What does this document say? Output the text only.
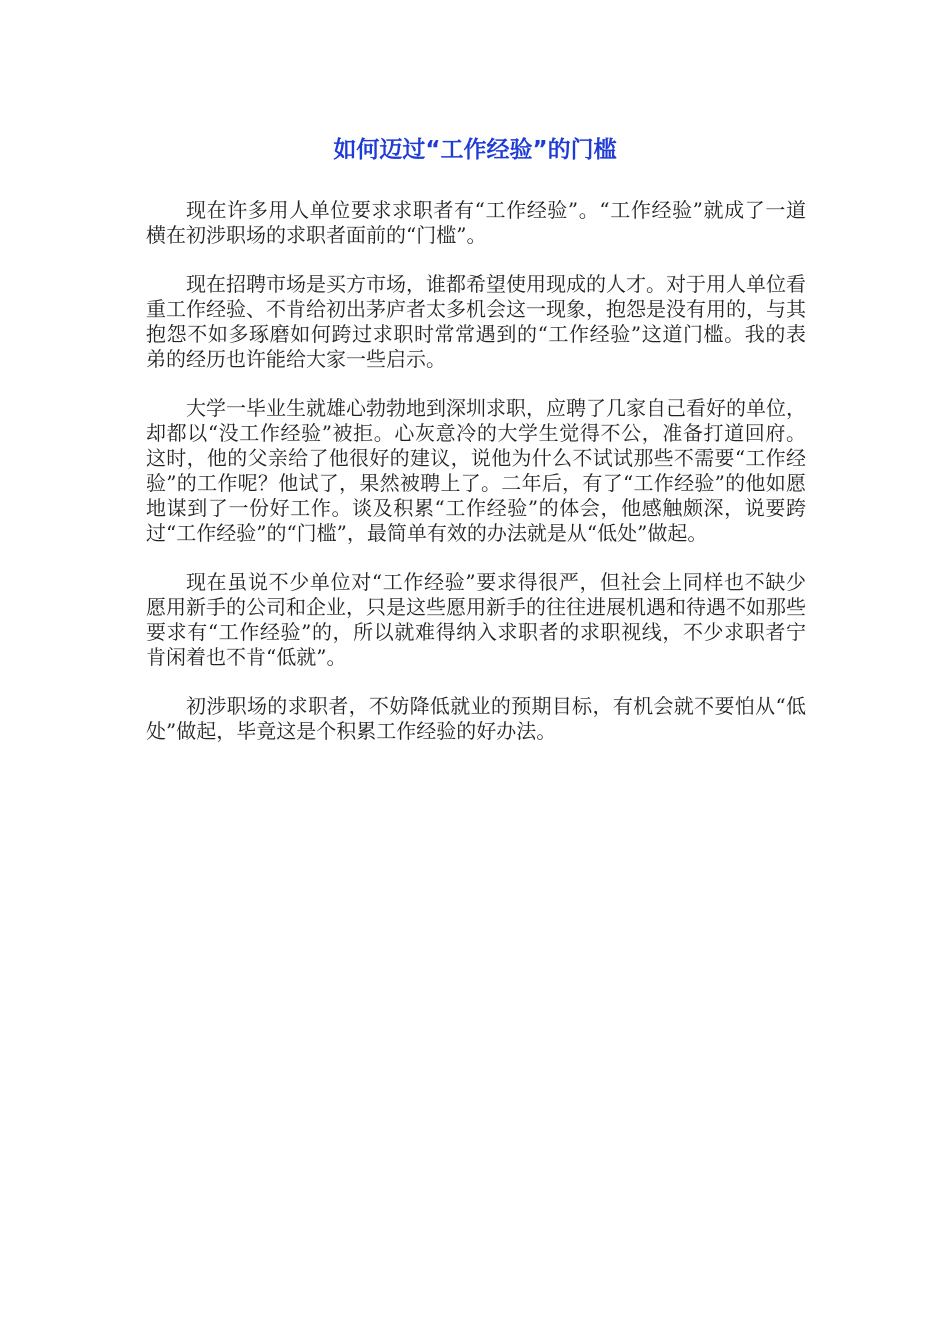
如何迈过“工作经验”的门槛

现在许多用人单位要求求职者有“工作经验”。“工作经验”就成了一道横在初涉职场的求职者面前的“门槛”。

现在招聘市场是买方市场，谁都希望使用现成的人才。对于用人单位看重工作经验、不肯给初出茅庐者太多机会这一现象，抱怨是没有用的，与其抱怨不如多琢磨如何跨过求职时常常遇到的“工作经验”这道门槛。我的表弟的经历也许能给大家一些启示。

大学一毕业生就雄心勃勃地到深圳求职，应聘了几家自己看好的单位，却都以“没工作经验”被拒。心灰意冷的大学生觉得不公，准备打道回府。这时，他的父亲给了他很好的建议，说他为什么不试试那些不需要“工作经验”的工作呢？他试了，果然被聘上了。二年后，有了“工作经验”的他如愿地谋到了一份好工作。谈及积累“工作经验”的体会，他感触颇深，说要跨过“工作经验”的“门槛”，最简单有效的办法就是从“低处”做起。

现在虽说不少单位对“工作经验”要求得很严，但社会上同样也不缺少愿用新手的公司和企业，只是这些愿用新手的往往进展机遇和待遇不如那些要求有“工作经验”的，所以就难得纳入求职者的求职视线，不少求职者宁肯闲着也不肯“低就”。

初涉职场的求职者，不妨降低就业的预期目标，有机会就不要怕从“低处”做起，毕竟这是个积累工作经验的好办法。
